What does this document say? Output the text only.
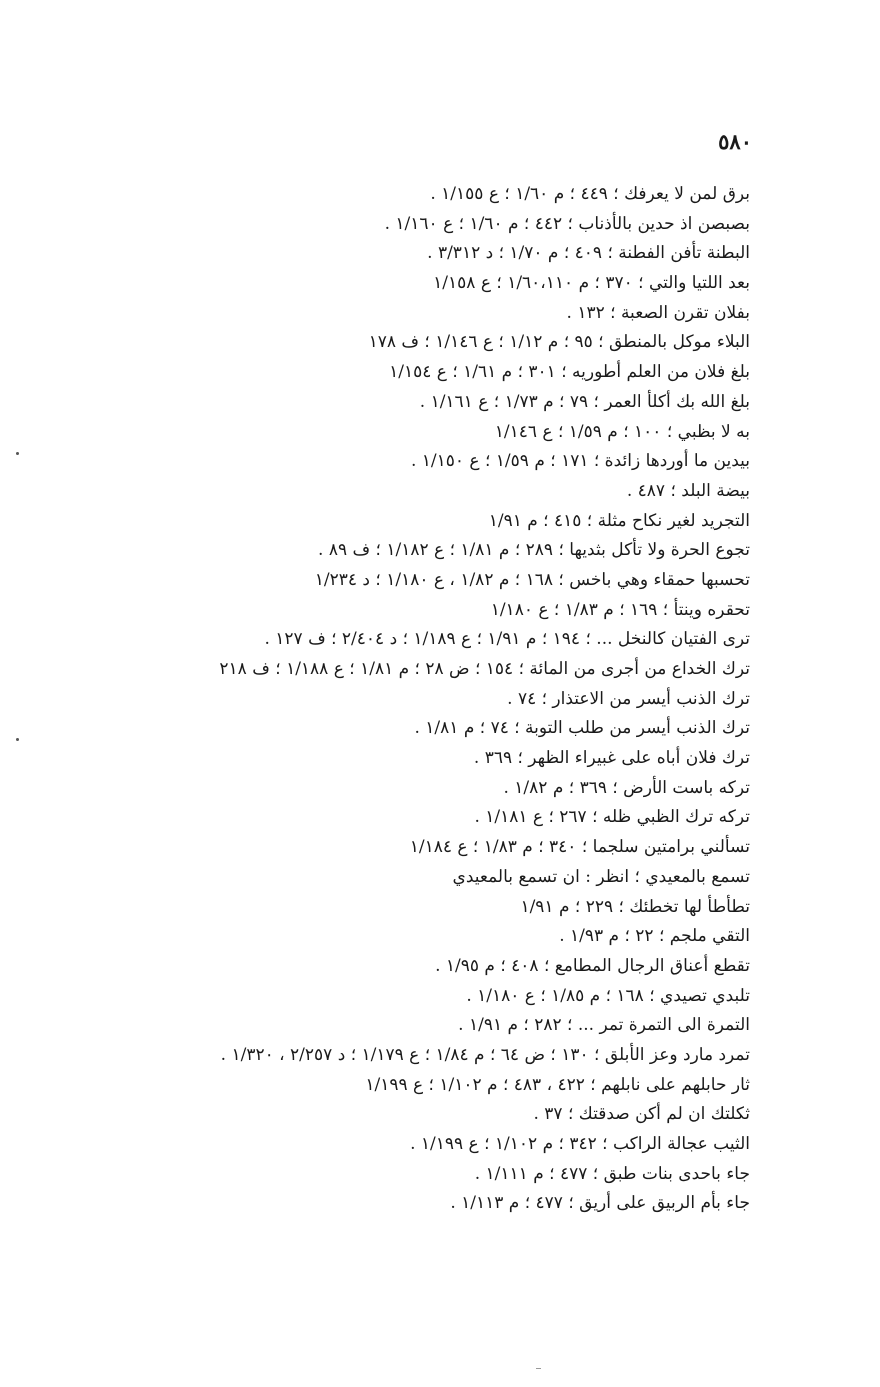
٥٨٠
برق لمن لا يعرفك ؛ ٤٤٩ ؛ م ١/٦٠ ؛ ع ١/١٥٥ .
بصبصن اذ حدين بالأذناب ؛ ٤٤٢ ؛ م ١/٦٠ ؛ ع ١/١٦٠ .
البطنة تأفن الفطنة ؛ ٤٠٩ ؛ م ١/٧٠ ؛ د ٣/٣١٢ .
بعد اللتيا والتي ؛ ٣٧٠ ؛ م ١/٦٠،١١٠ ؛ ع ١/١٥٨
بفلان تقرن الصعبة ؛ ١٣٢ .
البلاء موكل بالمنطق ؛ ٩٥ ؛ م ١/١٢ ؛ ع ١/١٤٦ ؛ ف ١٧٨
بلغ فلان من العلم أطوريه ؛ ٣٠١ ؛ م ١/٦١ ؛ ع ١/١٥٤
بلغ الله بك أكلأ العمر ؛ ٧٩ ؛ م ١/٧٣ ؛ ع ١/١٦١ .
به لا بظبي ؛ ١٠٠ ؛ م ١/٥٩ ؛ ع ١/١٤٦
بيدين ما أوردها زائدة ؛ ١٧١ ؛ م ١/٥٩ ؛ ع ١/١٥٠ .
بيضة البلد ؛ ٤٨٧ .
التجريد لغير نكاح مثلة ؛ ٤١٥ ؛ م ١/٩١
تجوع الحرة ولا تأكل بثديها ؛ ٢٨٩ ؛ م ١/٨١ ؛ ع ١/١٨٢ ؛ ف ٨٩ .
تحسبها حمقاء وهي باخس ؛ ١٦٨ ؛ م ١/٨٢ ، ع ١/١٨٠ ؛ د ١/٢٣٤
تحقره وينتأ ؛ ١٦٩ ؛ م ١/٨٣ ؛ ع ١/١٨٠
ترى الفتيان كالنخل ... ؛ ١٩٤ ؛ م ١/٩١ ؛ ع ١/١٨٩ ؛ د ٢/٤٠٤ ؛ ف ١٢٧ .
ترك الخداع من أجرى من المائة ؛ ١٥٤ ؛ ض ٢٨ ؛ م ١/٨١ ؛ ع ١/١٨٨ ؛ ف ٢١٨
ترك الذنب أيسر من الاعتذار ؛ ٧٤ .
ترك الذنب أيسر من طلب التوبة ؛ ٧٤ ؛ م ١/٨١ .
ترك فلان أباه على غبيراء الظهر ؛ ٣٦٩ .
تركه باست الأرض ؛ ٣٦٩ ؛ م ١/٨٢ .
تركه ترك الظبي ظله ؛ ٢٦٧ ؛ ع ١/١٨١ .
تسألني برامتين سلجما ؛ ٣٤٠ ؛ م ١/٨٣ ؛ ع ١/١٨٤
تسمع بالمعيدي ؛ انظر : ان تسمع بالمعيدي
تطأطأ لها تخطئك ؛ ٢٢٩ ؛ م ١/٩١
التقي ملجم ؛ ٢٢ ؛ م ١/٩٣ .
تقطع أعناق الرجال المطامع ؛ ٤٠٨ ؛ م ١/٩٥ .
تلبدي تصيدي ؛ ١٦٨ ؛ م ١/٨٥ ؛ ع ١/١٨٠ .
التمرة الى التمرة تمر ... ؛ ٢٨٢ ؛ م ١/٩١ .
تمرد مارد وعز الأبلق ؛ ١٣٠ ؛ ض ٦٤ ؛ م ١/٨٤ ؛ ع ١/١٧٩ ؛ د ٢/٢٥٧ ، ١/٣٢٠ .
ثار حابلهم على نابلهم ؛ ٤٢٢ ، ٤٨٣ ؛ م ١/١٠٢ ؛ ع ١/١٩٩
ثكلتك ان لم أكن صدقتك ؛ ٣٧ .
الثيب عجالة الراكب ؛ ٣٤٢ ؛ م ١/١٠٢ ؛ ع ١/١٩٩ .
جاء باحدى بنات طبق ؛ ٤٧٧ ؛ م ١/١١١ .
جاء بأم الربيق على أريق ؛ ٤٧٧ ؛ م ١/١١٣ .
